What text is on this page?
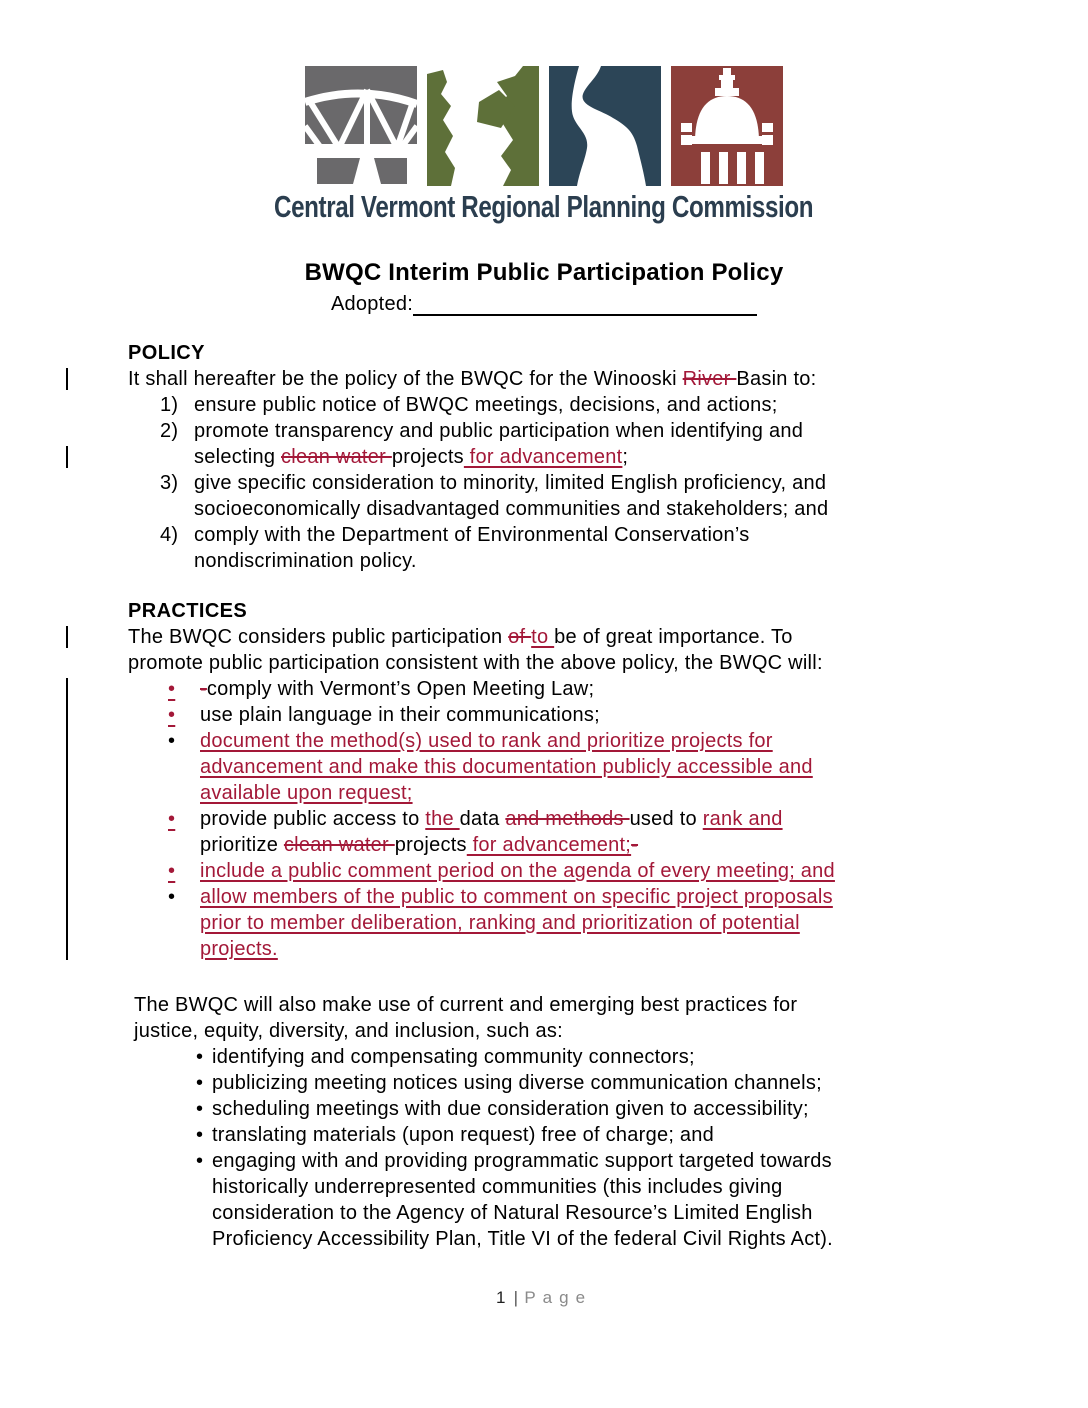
Central Vermont Regional Planning Commission
BWQC Interim Public Participation Policy
Adopted:
POLICY
It shall hereafter be the policy of the BWQC for the Winooski River Basin to:
1) ensure public notice of BWQC meetings, decisions, and actions;
2) promote transparency and public participation when identifying and
selecting clean water projects for advancement;
3) give specific consideration to minority, limited English proficiency, and
socioeconomically disadvantaged communities and stakeholders; and
4) comply with the Department of Environmental Conservation’s
nondiscrimination policy.
PRACTICES
The BWQC considers public participation of to be of great importance. To
promote public participation consistent with the above policy, the BWQC will:
•	-comply with Vermont’s Open Meeting Law;
•	use plain language in their communications;
•	document the method(s) used to rank and prioritize projects for
advancement and make this documentation publicly accessible and
available upon request;
•	provide public access to the data and methods used to rank and
prioritize clean water projects for advancement;-
•	include a public comment period on the agenda of every meeting; and
•	allow members of the public to comment on specific project proposals
prior to member deliberation, ranking and prioritization of potential
projects.
The BWQC will also make use of current and emerging best practices for
justice, equity, diversity, and inclusion, such as:
• identifying and compensating community connectors;
• publicizing meeting notices using diverse communication channels;
• scheduling meetings with due consideration given to accessibility;
• translating materials (upon request) free of charge; and
• engaging with and providing programmatic support targeted towards
historically underrepresented communities (this includes giving
consideration to the Agency of Natural Resource’s Limited English
Proficiency Accessibility Plan, Title VI of the federal Civil Rights Act).
1 | Page
